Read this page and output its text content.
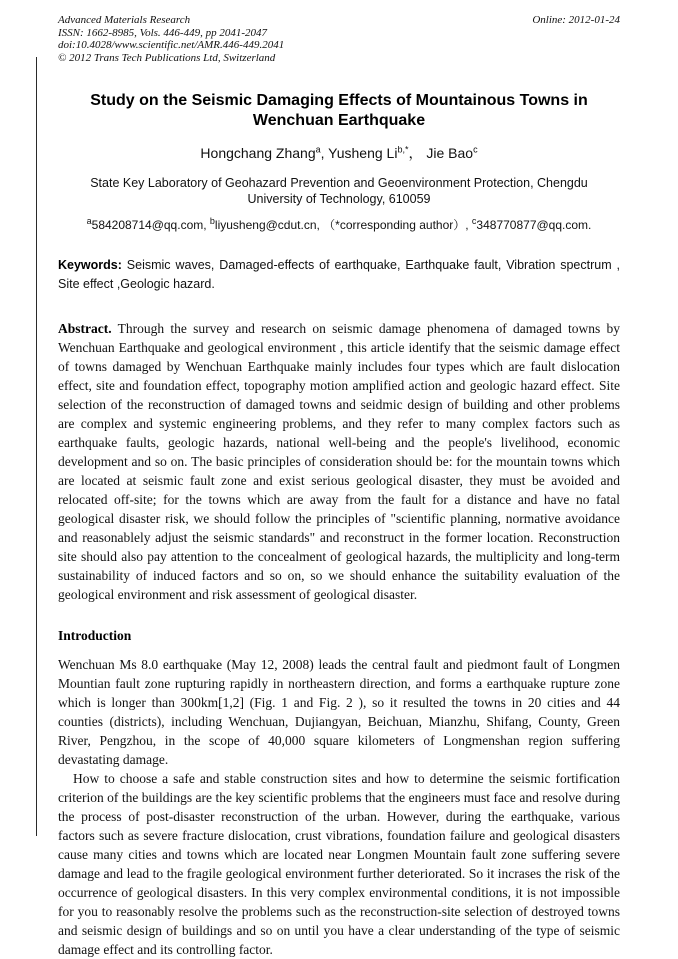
Advanced Materials Research
ISSN: 1662-8985, Vols. 446-449, pp 2041-2047
doi:10.4028/www.scientific.net/AMR.446-449.2041
© 2012 Trans Tech Publications Ltd, Switzerland
Online: 2012-01-24
Study on the Seismic Damaging Effects of Mountainous Towns in Wenchuan Earthquake
Hongchang Zhang$^a$, Yusheng $Li^{b,*}$， Jie Bao$^c$
State Key Laboratory of Geohazard Prevention and Geoenvironment Protection, Chengdu University of Technology, 610059
$^a$584208714@qq.com, $^b$liyusheng@cdut.cn, （*corresponding author）, $^c$348770877@qq.com.

Keywords: Seismic waves, Damaged-effects of earthquake, Earthquake fault, Vibration spectrum , Site effect ,Geologic hazard.

Abstract. Through the survey and research on seismic damage phenomena of damaged towns by Wenchuan Earthquake and geological environment , this article identify that the seismic damage effect of towns damaged by Wenchuan Earthquake mainly includes four types which are fault dislocation effect, site and foundation effect, topography motion amplified action and geologic hazard effect. Site selection of the reconstruction of damaged towns and seidmic design of building and other problems are complex and systemic engineering problems, and they refer to many complex factors such as earthquake faults, geologic hazards, national well-being and the people's livelihood, economic development and so on. The basic principles of consideration should be: for the mountain towns which are located at seismic fault zone and exist serious geological disaster, they must be avoided and relocated off-site; for the towns which are away from the fault for a distance and have no fatal geological disaster risk, we should follow the principles of "scientific planning, normative avoidance and reasonablely adjust the seismic standards" and reconstruct in the former location. Reconstruction site should also pay attention to the concealment of geological hazards, the multiplicity and long-term sustainability of induced factors and so on, so we should enhance the suitability evaluation of the geological environment and risk assessment of geological disaster.

Introduction

Wenchuan Ms 8.0 earthquake (May 12, 2008) leads the central fault and piedmont fault of Longmen Mountian fault zone rupturing rapidly in northeastern direction, and forms a earthquake rupture zone which is longer than 300km[1,2] (Fig. 1 and Fig. 2 ), so it resulted the towns in 20 cities and 44 counties (districts), including Wenchuan, Dujiangyan, Beichuan, Mianzhu, Shifang, County, Green River, Pengzhou, in the scope of 40,000 square kilometers of Longmenshan region suffering devastating damage.

How to choose a safe and stable construction sites and how to determine the seismic fortification criterion of the buildings are the key scientific problems that the engineers must face and resolve during the process of post-disaster reconstruction of the urban. However, during the earthquake, various factors such as severe fracture dislocation, crust vibrations, foundation failure and geological disasters cause many cities and towns which are located near Longmen Mountain fault zone suffering severe damage and lead to the fragile geological environment further deteriorated. So it incrases the risk of the occurrence of geological disasters. In this very complex environmental conditions, it is not impossible for you to reasonably resolve the problems such as the reconstruction-site selection of destroyed towns and seismic design of buildings and so on until you have a clear understanding of the type of seismic damage effect and its controlling factor.
